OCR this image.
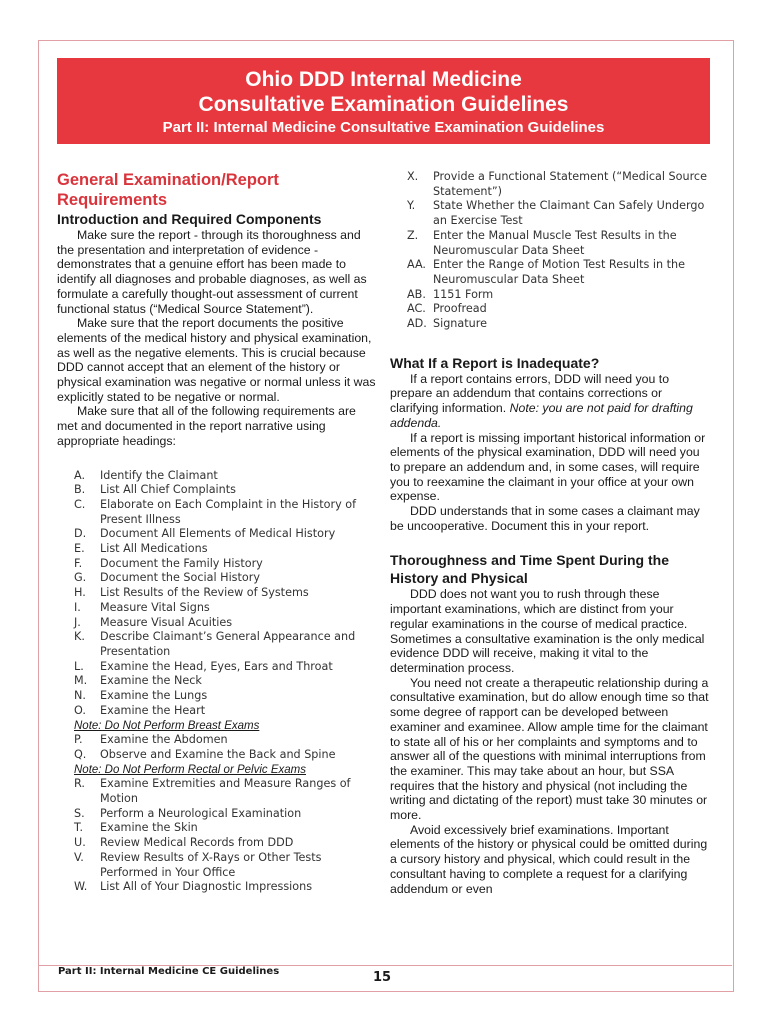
Ohio DDD Internal Medicine
Consultative Examination Guidelines
Part II: Internal Medicine Consultative Examination Guidelines
General Examination/Report
Requirements
Introduction and Required Components

Make sure the report - through its thoroughness and the presentation and interpretation of evidence - demonstrates that a genuine effort has been made to identify all diagnoses and probable diagnoses, as well as formulate a carefully thought-out assessment of current functional status (“Medical Source Statement”).

Make sure that the report documents the positive elements of the medical history and physical examination, as well as the negative elements. This is crucial because DDD cannot accept that an element of the history or physical examination was negative or normal unless it was explicitly stated to be negative or normal.

Make sure that all of the following requirements are met and documented in the report narrative using appropriate headings:

A.	Identify the Claimant
B.	List All Chief Complaints
C.	Elaborate on Each Complaint in the History of Present Illness
D.	Document All Elements of Medical History
E.	List All Medications
F.	Document the Family History
G.	Document the Social History
H.	List Results of the Review of Systems
I.	Measure Vital Signs
J.	Measure Visual Acuities
K.	Describe Claimant’s General Appearance and Presentation
L.	Examine the Head, Eyes, Ears and Throat
M.	Examine the Neck
N.	Examine the Lungs
O.	Examine the Heart
Note: Do Not Perform Breast Exams
P.	Examine the Abdomen
Q.	Observe and Examine the Back and Spine
Note: Do Not Perform Rectal or Pelvic Exams
R.	Examine Extremities and Measure Ranges of Motion
S.	Perform a Neurological Examination
T.	Examine the Skin
U.	Review Medical Records from DDD
V.	Review Results of X-Rays or Other Tests Performed in Your Office
W.	List All of Your Diagnostic Impressions
X.	Provide a Functional Statement (“Medical Source Statement”)
Y.	State Whether the Claimant Can Safely Undergo an Exercise Test
Z.	Enter the Manual Muscle Test Results in the Neuromuscular Data Sheet
AA. Enter the Range of Motion Test Results in the Neuromuscular Data Sheet
AB. 1151 Form
AC. Proofread
AD. Signature
What If a Report is Inadequate?

If a report contains errors, DDD will need you to prepare an addendum that contains corrections or clarifying information. Note: you are not paid for drafting addenda.

If a report is missing important historical information or elements of the physical examination, DDD will need you to prepare an addendum and, in some cases, will require you to reexamine the claimant in your office at your own expense.

DDD understands that in some cases a claimant may be uncooperative. Document this in your report.

Thoroughness and Time Spent During the
History and Physical

DDD does not want you to rush through these important examinations, which are distinct from your regular examinations in the course of medical practice. Sometimes a consultative examination is the only medical evidence DDD will receive, making it vital to the determination process.

You need not create a therapeutic relationship during a consultative examination, but do allow enough time so that some degree of rapport can be developed between examiner and examinee. Allow ample time for the claimant to state all of his or her complaints and symptoms and to answer all of the questions with minimal interruptions from the examiner. This may take about an hour, but SSA requires that the history and physical (not including the writing and dictating of the report) must take 30 minutes or more.

Avoid excessively brief examinations. Important elements of the history or physical could be omitted during a cursory history and physical, which could result in the consultant having to complete a request for a clarifying addendum or even

Part II: Internal Medicine CE Guidelines	15
